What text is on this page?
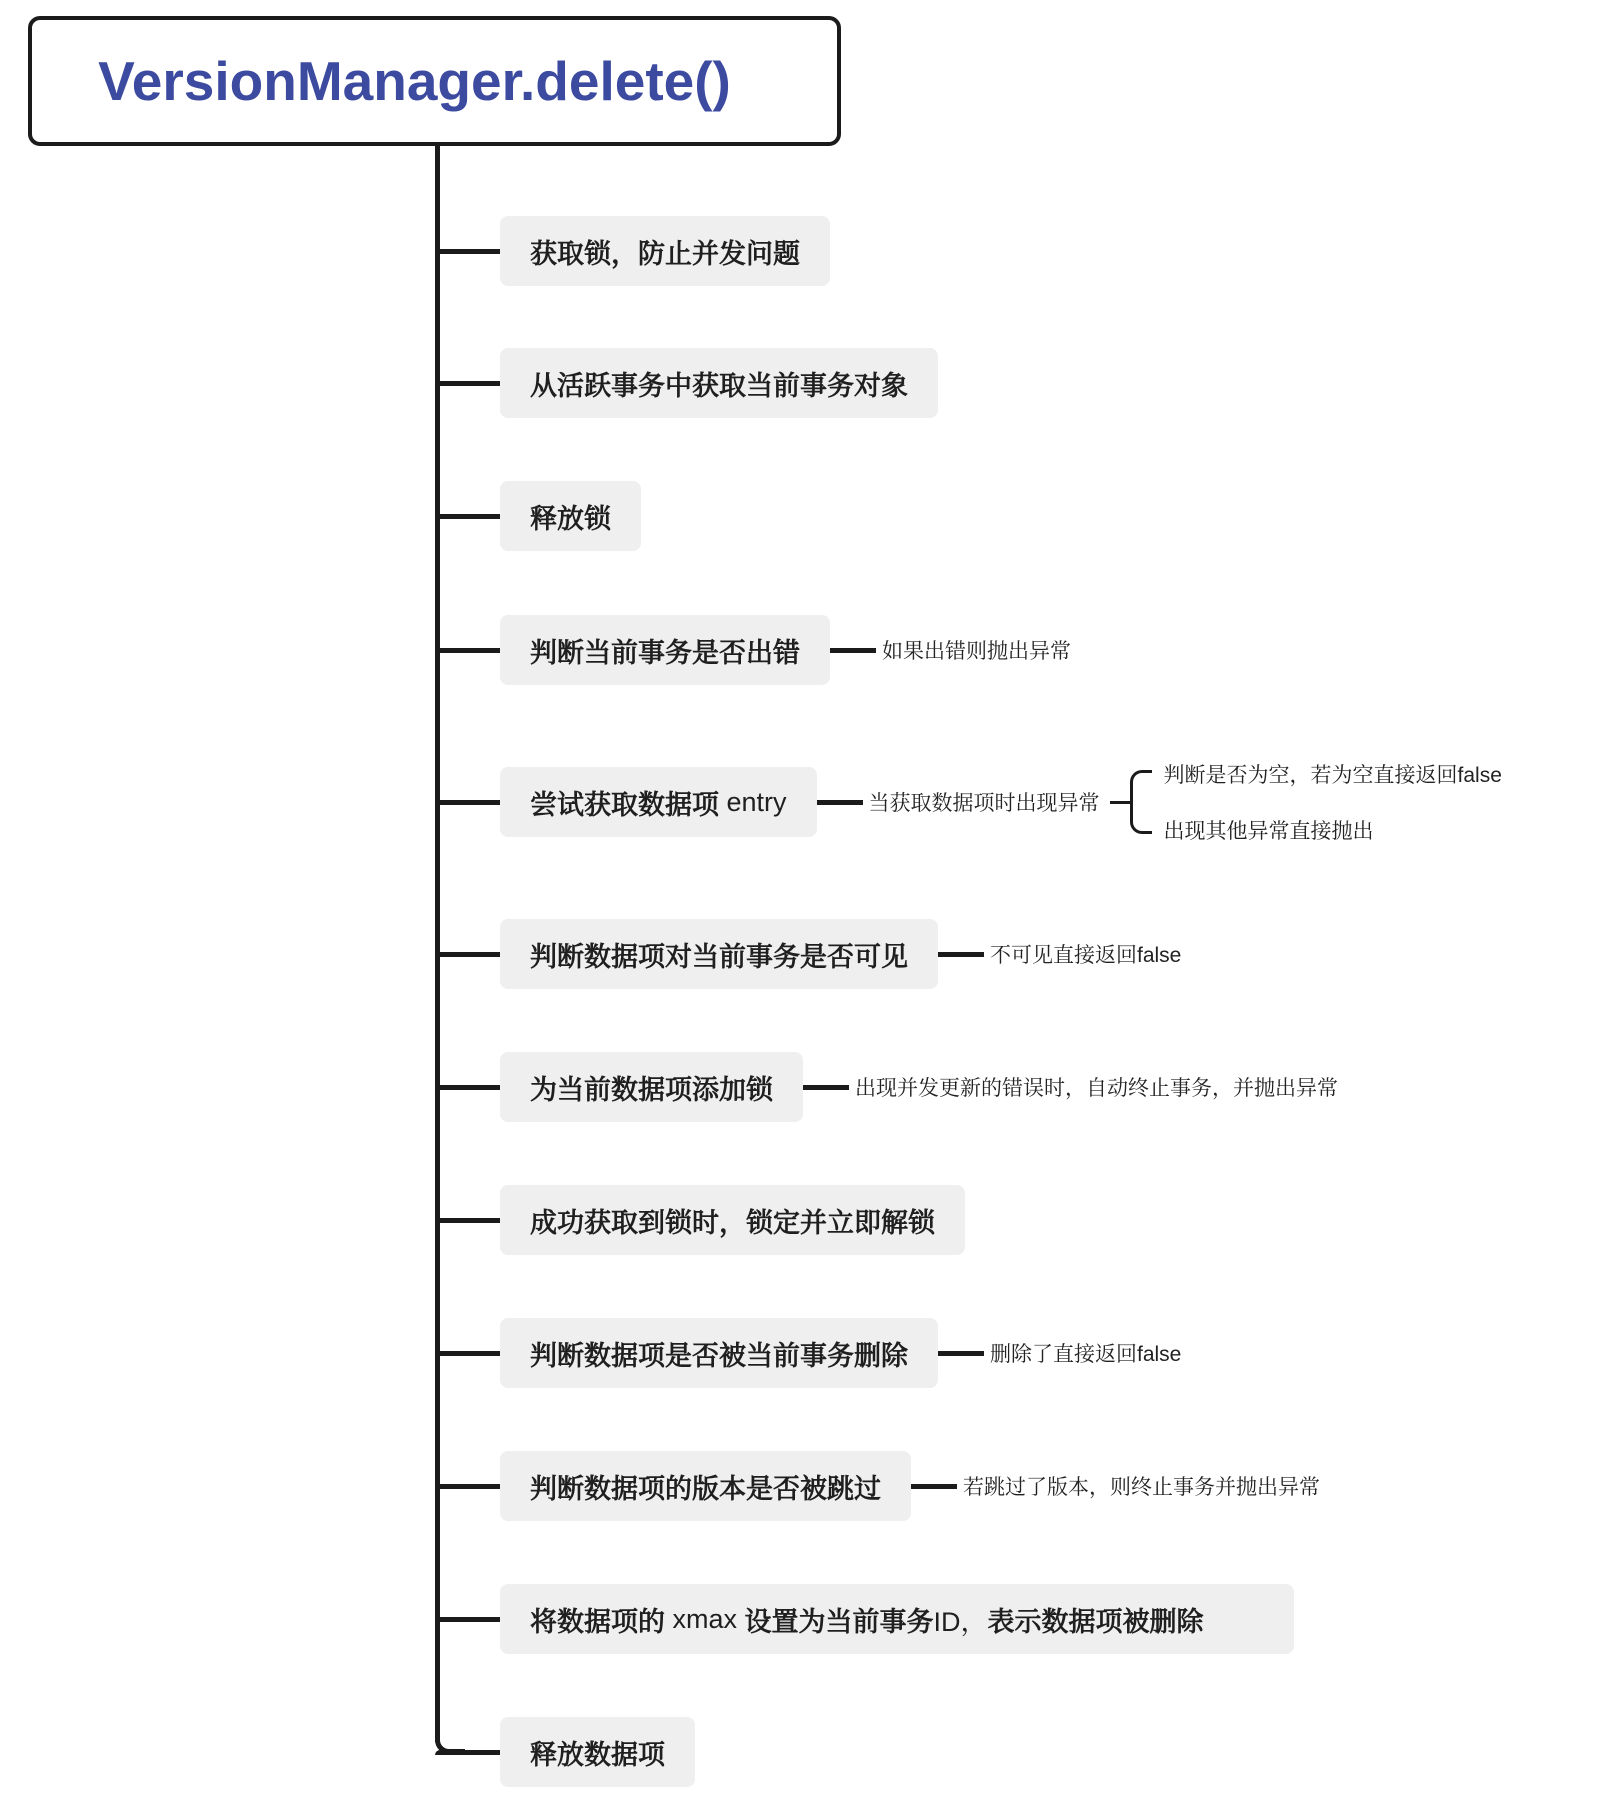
VersionManager.delete()
获取锁，防止并发问题
从活跃事务中获取当前事务对象
释放锁
判断当前事务是否出错	如果出错则抛出异常
尝试获取数据项
entry	当获取数据项时出现异常
判断是否为空，若为空直接返回false
出现其他异常直接抛出
判断数据项对当前事务是否可见	不可见直接返回false
为当前数据项添加锁	出现并发更新的错误时，自动终止事务，并抛出异常
成功获取到锁时，锁定并立即解锁
判断数据项是否被当前事务删除	删除了直接返回false
判断数据项的版本是否被跳过	若跳过了版本，则终止事务并抛出异常
将数据项的
xmax
设置为当前事务 ID， 表示数据项被删除
释放数据项
